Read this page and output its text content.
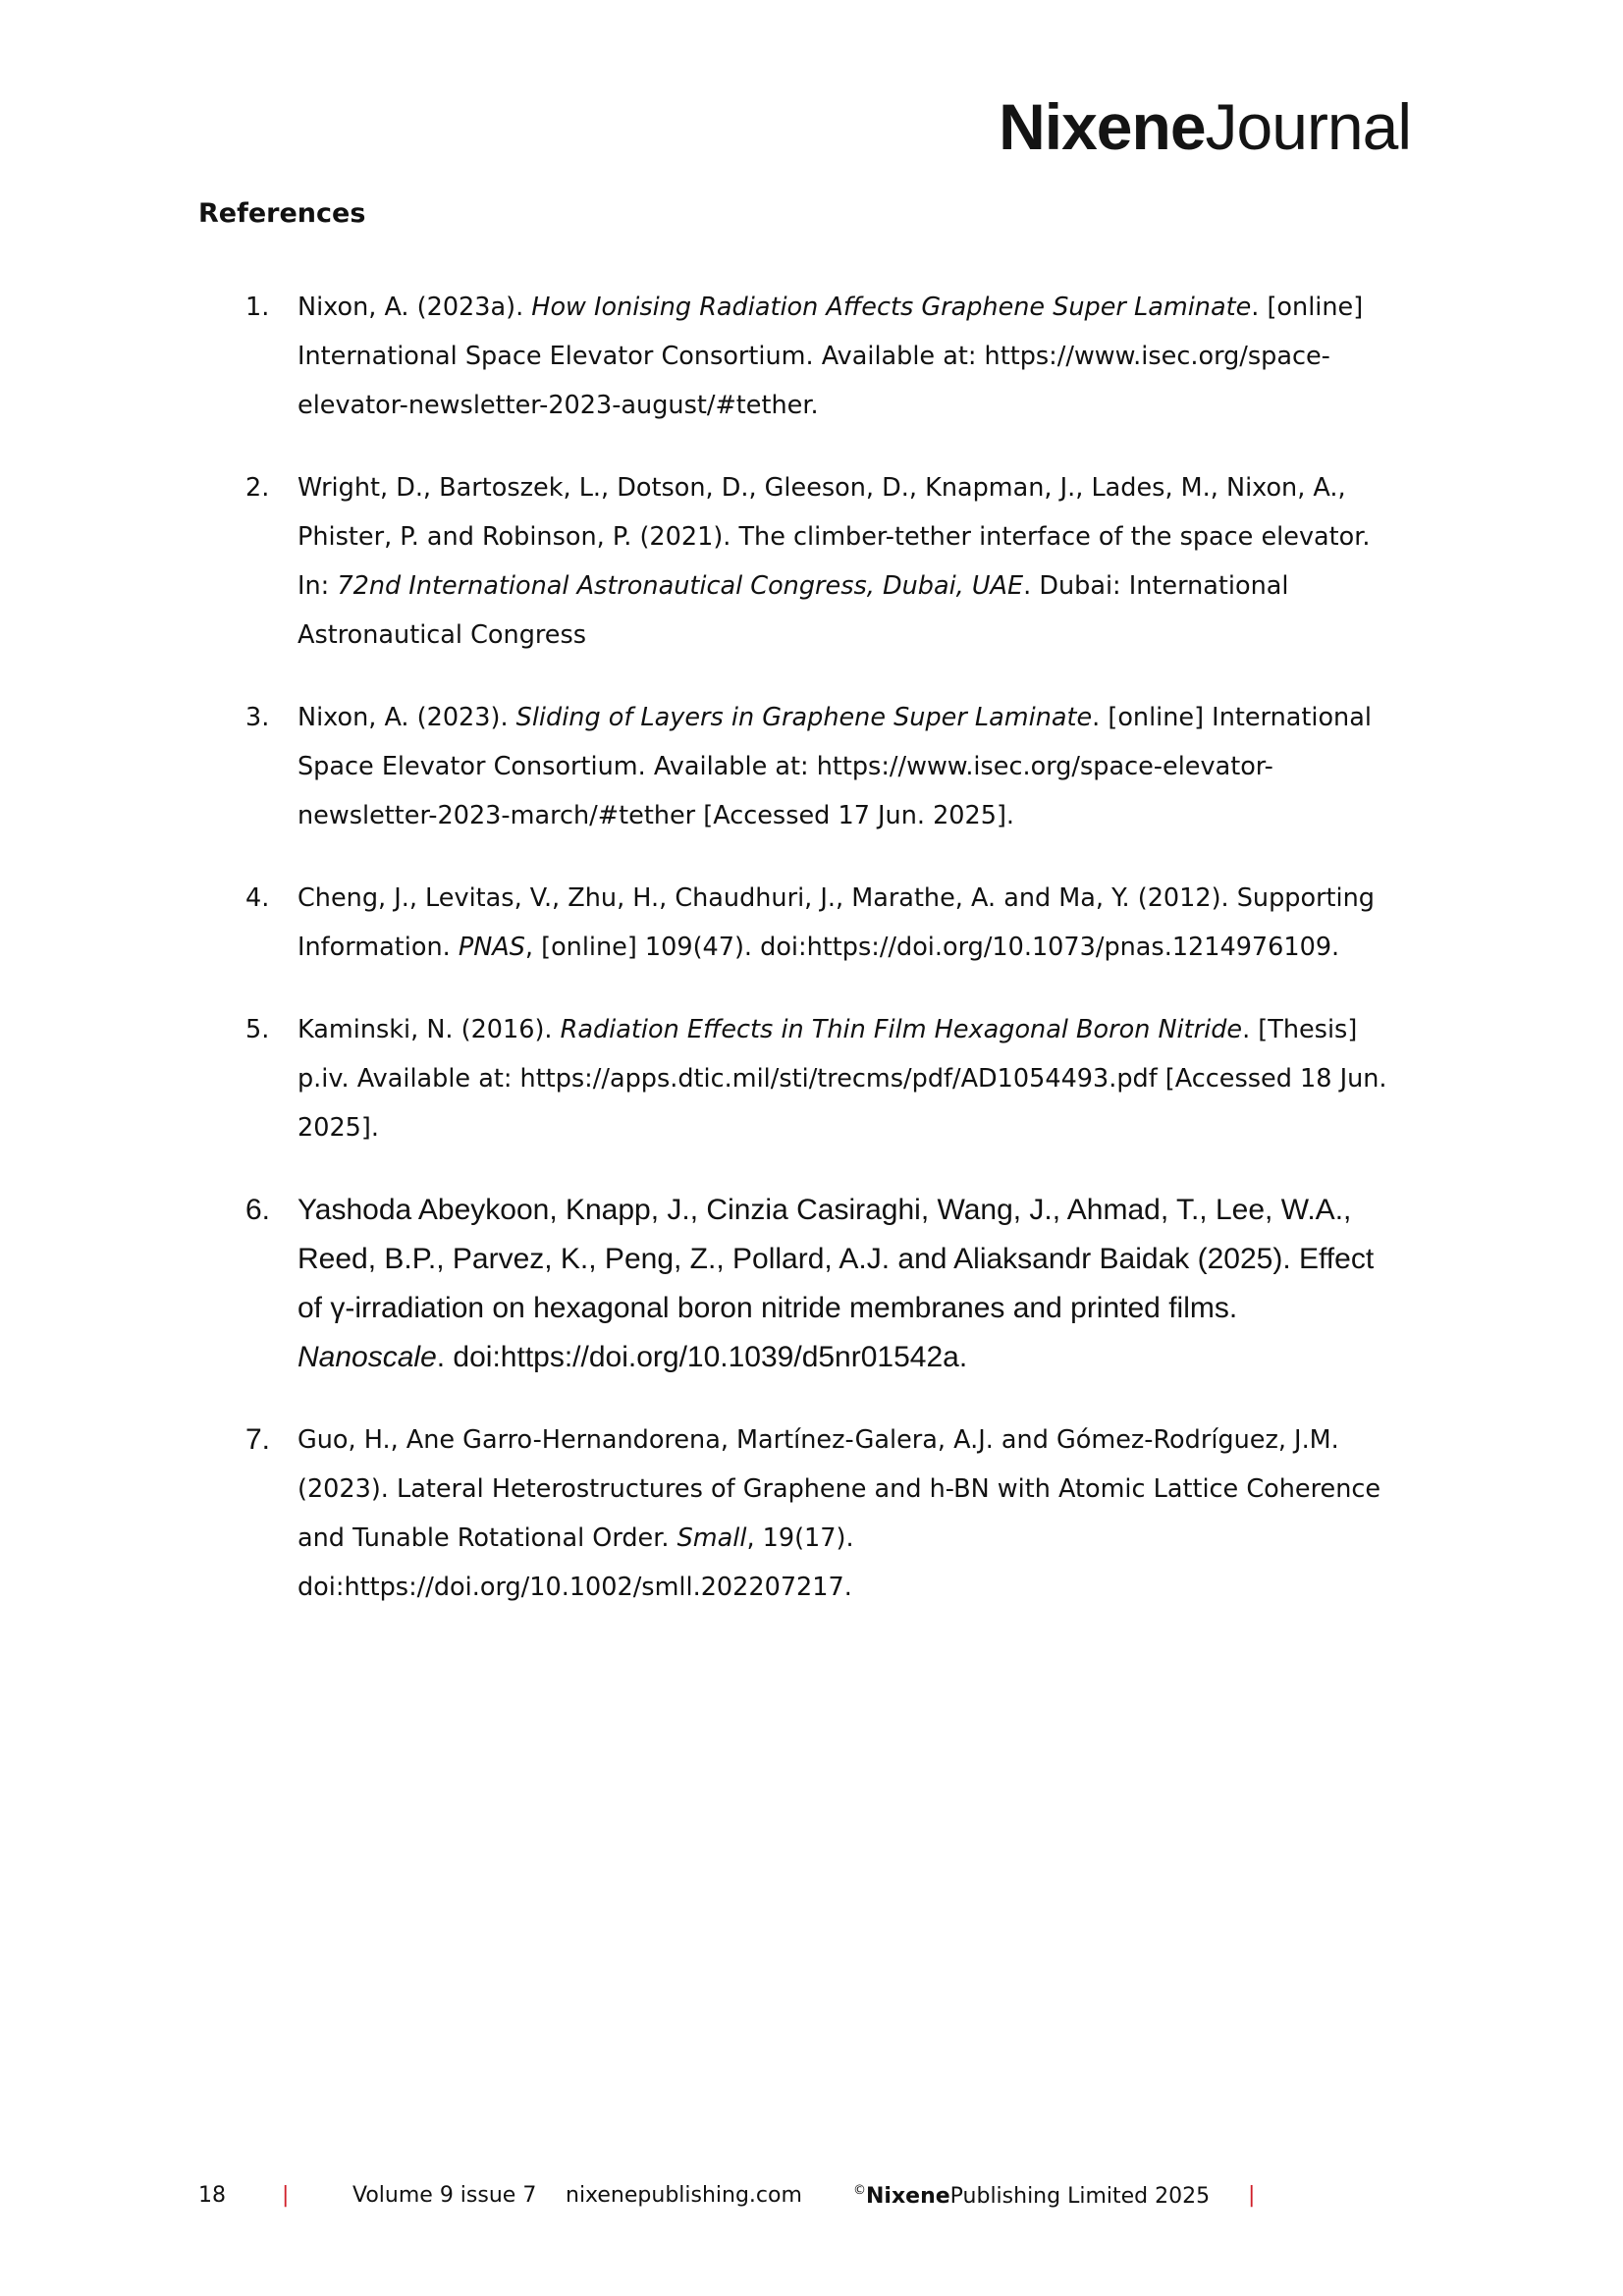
NixeneJournal
References
1. Nixon, A. (2023a). How Ionising Radiation Affects Graphene Super Laminate. [online] International Space Elevator Consortium. Available at: https://www.isec.org/space-elevator-newsletter-2023-august/#tether.
2. Wright, D., Bartoszek, L., Dotson, D., Gleeson, D., Knapman, J., Lades, M., Nixon, A., Phister, P. and Robinson, P. (2021). The climber-tether interface of the space elevator. In: 72nd International Astronautical Congress, Dubai, UAE. Dubai: International Astronautical Congress
3. Nixon, A. (2023). Sliding of Layers in Graphene Super Laminate. [online] International Space Elevator Consortium. Available at: https://www.isec.org/space-elevator-newsletter-2023-march/#tether [Accessed 17 Jun. 2025].
4. Cheng, J., Levitas, V., Zhu, H., Chaudhuri, J., Marathe, A. and Ma, Y. (2012). Supporting Information. PNAS, [online] 109(47). doi:https://doi.org/10.1073/pnas.1214976109.
5. Kaminski, N. (2016). Radiation Effects in Thin Film Hexagonal Boron Nitride. [Thesis] p.iv. Available at: https://apps.dtic.mil/sti/trecms/pdf/AD1054493.pdf [Accessed 18 Jun. 2025].
6. Yashoda Abeykoon, Knapp, J., Cinzia Casiraghi, Wang, J., Ahmad, T., Lee, W.A., Reed, B.P., Parvez, K., Peng, Z., Pollard, A.J. and Aliaksandr Baidak (2025). Effect of γ-irradiation on hexagonal boron nitride membranes and printed films. Nanoscale. doi:https://doi.org/10.1039/d5nr01542a.
7. Guo, H., Ane Garro-Hernandorena, Martínez-Galera, A.J. and Gómez-Rodríguez, J.M. (2023). Lateral Heterostructures of Graphene and h-BN with Atomic Lattice Coherence and Tunable Rotational Order. Small, 19(17). doi:https://doi.org/10.1002/smll.202207217.
18	|	Volume 9 issue 7 nixenepublishing.com	©NixenePublishing Limited 2025 |
